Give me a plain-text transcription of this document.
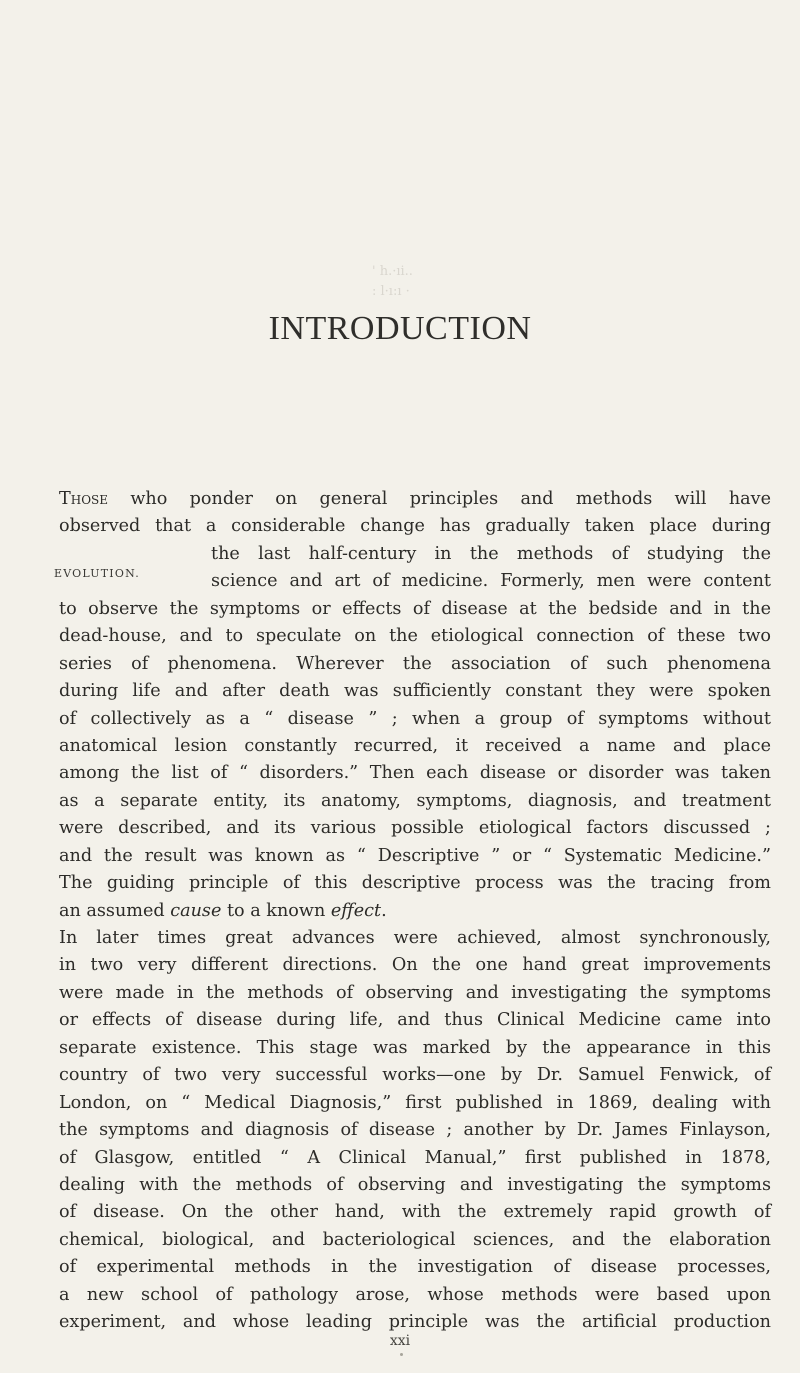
' h.·ıi..
: l·ı:ı ·
INTRODUCTION
EVOLUTION.
Those who ponder on general principles and methods will have
observed that a considerable change has gradually taken place during
the last half-century in the methods of studying the
science and art of medicine. Formerly, men were content
to observe the symptoms or effects of disease at the bedside and in the
dead-house, and to speculate on the etiological connection of these two
series of phenomena. Wherever the association of such phenomena
during life and after death was sufficiently constant they were spoken
of collectively as a “ disease ” ; when a group of symptoms without
anatomical lesion constantly recurred, it received a name and place
among the list of “ disorders.” Then each disease or disorder was taken
as a separate entity, its anatomy, symptoms, diagnosis, and treatment
were described, and its various possible etiological factors discussed ;
and the result was known as “ Descriptive ” or “ Systematic Medicine.”
The guiding principle of this descriptive process was the tracing from
an assumed cause to a known effect.
In later times great advances were achieved, almost synchronously,
in two very different directions. On the one hand great improvements
were made in the methods of observing and investigating the symptoms
or effects of disease during life, and thus Clinical Medicine came into
separate existence. This stage was marked by the appearance in this
country of two very successful works—one by Dr. Samuel Fenwick, of
London, on “ Medical Diagnosis,” first published in 1869, dealing with
the symptoms and diagnosis of disease ; another by Dr. James Finlayson,
of Glasgow, entitled “ A Clinical Manual,” first published in 1878,
dealing with the methods of observing and investigating the symptoms
of disease. On the other hand, with the extremely rapid growth of
chemical, biological, and bacteriological sciences, and the elaboration
of experimental methods in the investigation of disease processes,
a new school of pathology arose, whose methods were based upon
experiment, and whose leading principle was the artificial production
xxi
